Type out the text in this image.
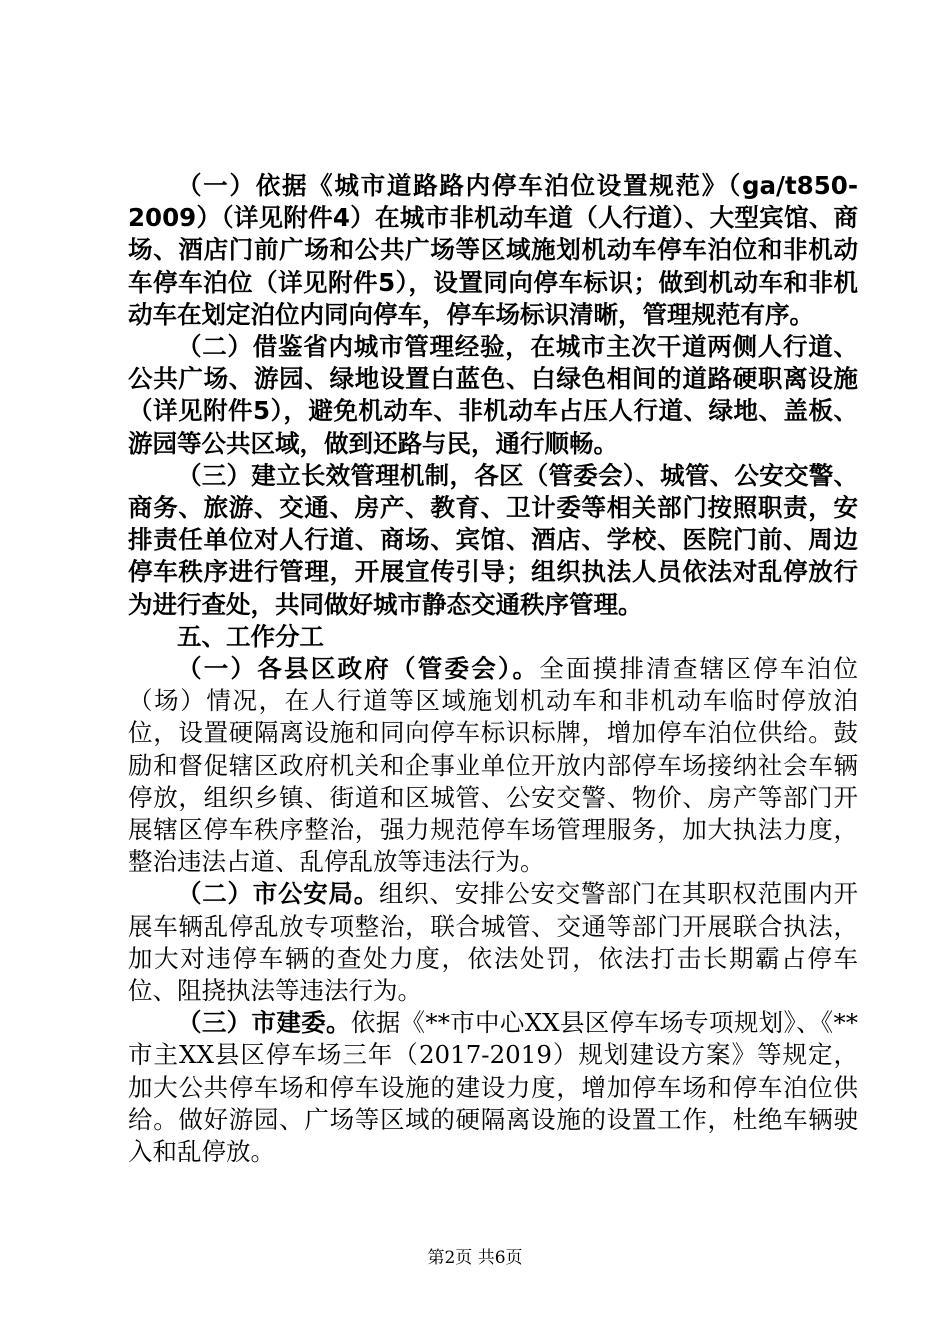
（一）依据《城市道路路内停车泊位设置规范》（ga/t850-2009）（详见附件4）在城市非机动车道（人行道）、大型宾馆、商场、酒店门前广场和公共广场等区域施划机动车停车泊位和非机动车停车泊位（详见附件5），设置同向停车标识；做到机动车和非机动车在划定泊位内同向停车，停车场标识清晰，管理规范有序。

（二）借鉴省内城市管理经验，在城市主次干道两侧人行道、公共广场、游园、绿地设置白蓝色、白绿色相间的道路硬职离设施（详见附件5），避免机动车、非机动车占压人行道、绿地、盖板、游园等公共区域，做到还路与民，通行顺畅。

（三）建立长效管理机制，各区（管委会）、城管、公安交警、商务、旅游、交通、房产、教育、卫计委等相关部门按照职责，安排责任单位对人行道、商场、宾馆、酒店、学校、医院门前、周边停车秩序进行管理，开展宣传引导；组织执法人员依法对乱停放行为进行查处，共同做好城市静态交通秩序管理。

五、工作分工

（一）各县区政府（管委会）。全面摸排清查辖区停车泊位（场）情况，在人行道等区域施划机动车和非机动车临时停放泊位，设置硬隔离设施和同向停车标识标牌，增加停车泊位供给。鼓励和督促辖区政府机关和企事业单位开放内部停车场接纳社会车辆停放，组织乡镇、街道和区城管、公安交警、物价、房产等部门开展辖区停车秩序整治，强力规范停车场管理服务，加大执法力度，整治违法占道、乱停乱放等违法行为。

（二）市公安局。组织、安排公安交警部门在其职权范围内开展车辆乱停乱放专项整治，联合城管、交通等部门开展联合执法，加大对违停车辆的查处力度，依法处罚，依法打击长期霸占停车位、阻挠执法等违法行为。

（三）市建委。依据《**市中心XX县区停车场专项规划》、《**市主XX县区停车场三年（2017-2019）规划建设方案》等规定，加大公共停车场和停车设施的建设力度，增加停车场和停车泊位供给。做好游园、广场等区域的硬隔离设施的设置工作，杜绝车辆驶入和乱停放。

第2页 共6页
